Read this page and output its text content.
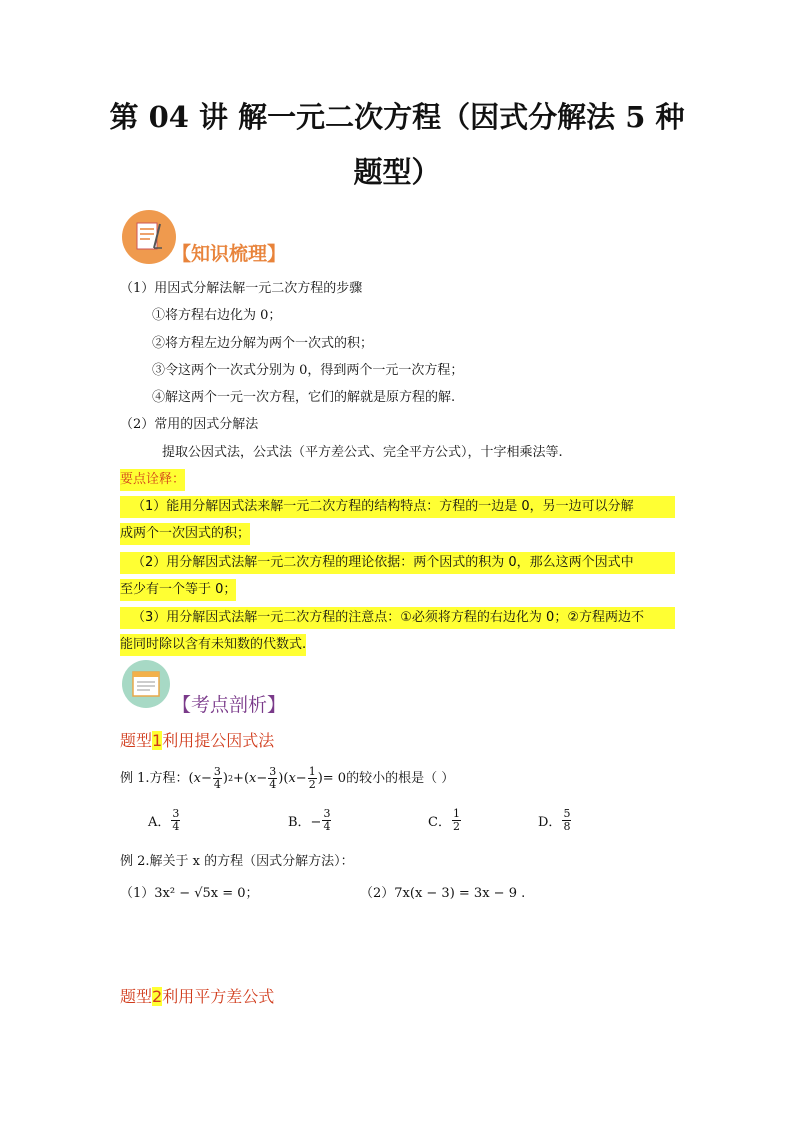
第 04 讲 解一元二次方程（因式分解法 5 种
题型）
【知识梳理】
（1）用因式分解法解一元二次方程的步骤
①将方程右边化为 0；
②将方程左边分解为两个一次式的积；
③令这两个一次式分别为 0，得到两个一元一次方程；
④解这两个一元一次方程，它们的解就是原方程的解.
（2）常用的因式分解法
提取公因式法，公式法（平方差公式、完全平方公式），十字相乘法等.
要点诠释：
（1）能用分解因式法来解一元二次方程的结构特点：方程的一边是 0，另一边可以分解
成两个一次因式的积；
（2）用分解因式法解一元二次方程的理论依据：两个因式的积为 0，那么这两个因式中
至少有一个等于 0；
（3）用分解因式法解一元二次方程的注意点：①必须将方程的右边化为 0；②方程两边不
能同时除以含有未知数的代数式.
【考点剖析】
题型1利用提公因式法
例 1.方程： ( $x - \frac{3}{4}$ ) 2 + ( $x - \frac{3}{4}$ )( $x - \frac{1}{2}$ ) = 0 的较小的根是（ ）
A． $\frac{3}{4}$	B．− $\frac{3}{4}$	C． $\frac{1}{2}$	D． $\frac{5}{8}$
例 2.解关于 x 的方程（因式分解方法）：
（1）3x² − √5x = 0；	（2）7x(x − 3) = 3x − 9 .
题型2利用平方差公式
